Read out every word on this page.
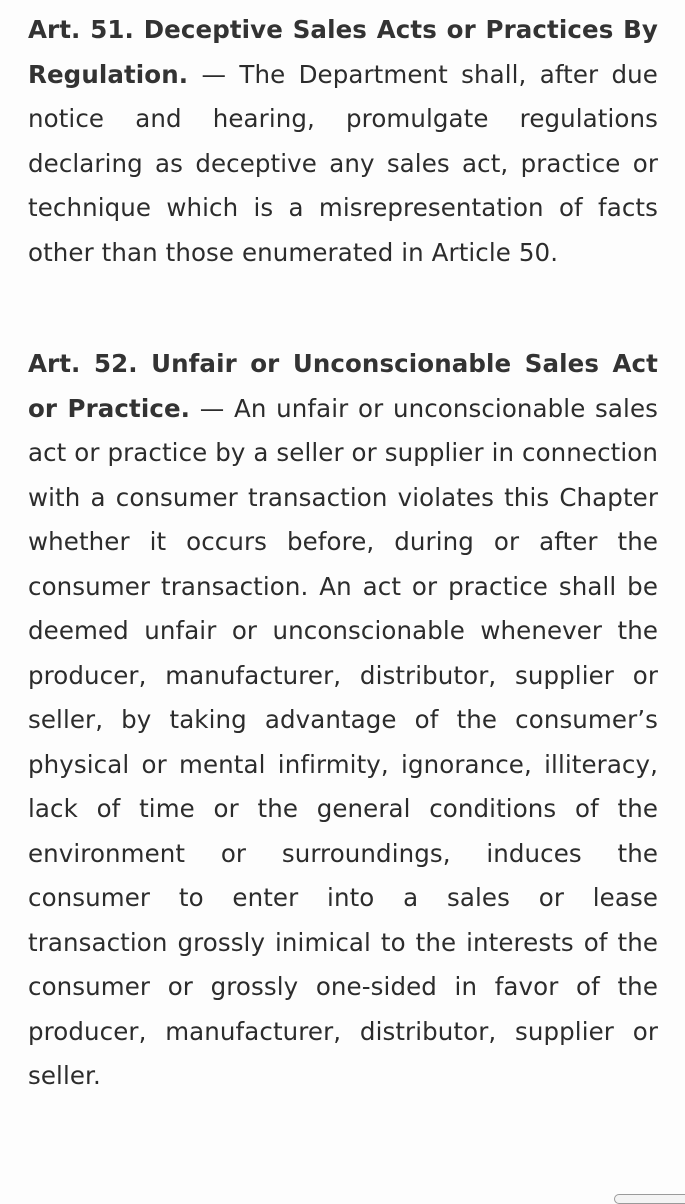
Art. 51. Deceptive Sales Acts or Practices By Regulation. — The Department shall, after due notice and hearing, promulgate regulations declaring as deceptive any sales act, practice or technique which is a misrepresentation of facts other than those enumerated in Article 50.

Art. 52. Unfair or Unconscionable Sales Act or Practice. — An unfair or unconscionable sales act or practice by a seller or supplier in connection with a consumer transaction violates this Chapter whether it occurs before, during or after the consumer transaction. An act or practice shall be deemed unfair or unconscionable whenever the producer, manufacturer, distributor, supplier or seller, by taking advantage of the consumer’s physical or mental infirmity, ignorance, illiteracy, lack of time or the general conditions of the environment or surroundings, induces the consumer to enter into a sales or lease transaction grossly inimical to the interests of the consumer or grossly one-sided in favor of the producer, manufacturer, distributor, supplier or seller.
